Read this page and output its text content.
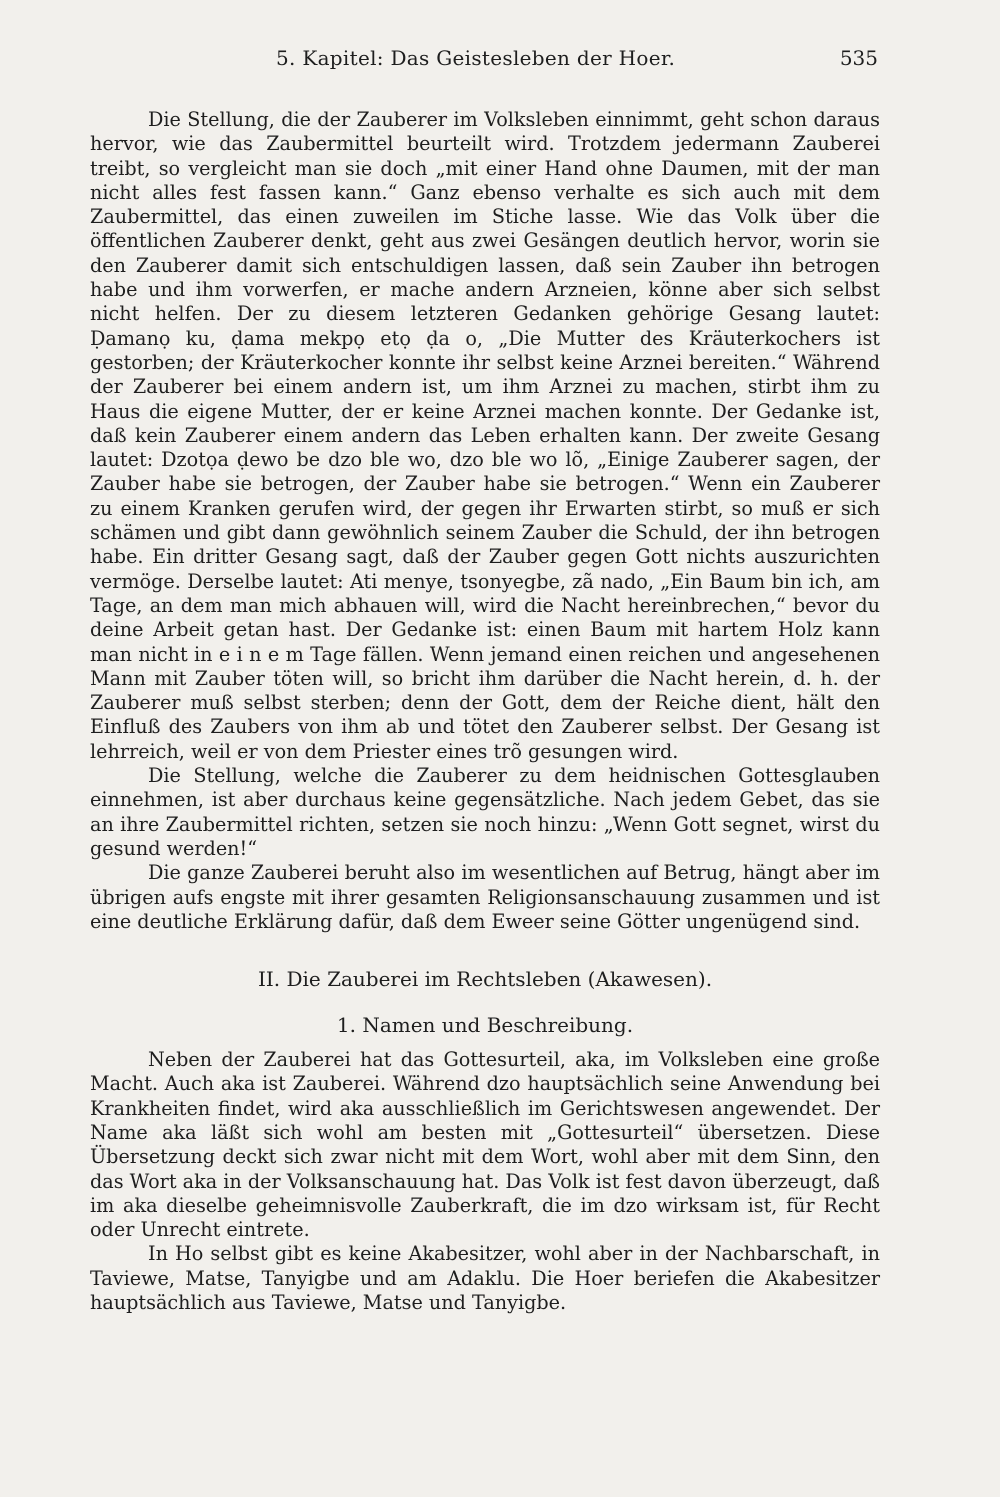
5. Kapitel: Das Geistesleben der Hoer.	535

Die Stellung, die der Zauberer im Volksleben einnimmt, geht schon daraus hervor, wie das Zaubermittel beurteilt wird. Trotzdem jedermann Zauberei treibt, so vergleicht man sie doch „mit einer Hand ohne Daumen, mit der man nicht alles fest fassen kann.“ Ganz ebenso verhalte es sich auch mit dem Zaubermittel, das einen zuweilen im Stiche lasse. Wie das Volk über die öffentlichen Zauberer denkt, geht aus zwei Gesängen deutlich hervor, worin sie den Zauberer damit sich entschuldigen lassen, daß sein Zauber ihn betrogen habe und ihm vorwerfen, er mache andern Arzneien, könne aber sich selbst nicht helfen. Der zu diesem letzteren Gedanken gehörige Gesang lautet: Ḍamanọ ku, ḍama mekpọ etọ ḍa o, „Die Mutter des Kräuterkochers ist gestorben; der Kräuterkocher konnte ihr selbst keine Arznei bereiten.“ Während der Zauberer bei einem andern ist, um ihm Arznei zu machen, stirbt ihm zu Haus die eigene Mutter, der er keine Arznei machen konnte. Der Gedanke ist, daß kein Zauberer einem andern das Leben erhalten kann. Der zweite Gesang lautet: Dzotọa ḍewo be dzo ble wo, dzo ble wo lõ, „Einige Zauberer sagen, der Zauber habe sie betrogen, der Zauber habe sie betrogen.“ Wenn ein Zauberer zu einem Kranken gerufen wird, der gegen ihr Erwarten stirbt, so muß er sich schämen und gibt dann gewöhnlich seinem Zauber die Schuld, der ihn betrogen habe. Ein dritter Gesang sagt, daß der Zauber gegen Gott nichts auszurichten vermöge. Derselbe lautet: Ati menye, tsonyegbe, zã nado, „Ein Baum bin ich, am Tage, an dem man mich abhauen will, wird die Nacht hereinbrechen,“ bevor du deine Arbeit getan hast. Der Gedanke ist: einen Baum mit hartem Holz kann man nicht in e i n e m Tage fällen. Wenn jemand einen reichen und angesehenen Mann mit Zauber töten will, so bricht ihm darüber die Nacht herein, d. h. der Zauberer muß selbst sterben; denn der Gott, dem der Reiche dient, hält den Einfluß des Zaubers von ihm ab und tötet den Zauberer selbst. Der Gesang ist lehrreich, weil er von dem Priester eines trõ gesungen wird.

Die Stellung, welche die Zauberer zu dem heidnischen Gottesglauben einnehmen, ist aber durchaus keine gegensätzliche. Nach jedem Gebet, das sie an ihre Zaubermittel richten, setzen sie noch hinzu: „Wenn Gott segnet, wirst du gesund werden!“

Die ganze Zauberei beruht also im wesentlichen auf Betrug, hängt aber im übrigen aufs engste mit ihrer gesamten Religionsanschauung zusammen und ist eine deutliche Erklärung dafür, daß dem Eweer seine Götter ungenügend sind.

II. Die Zauberei im Rechtsleben (Akawesen).
1. Namen und Beschreibung.

Neben der Zauberei hat das Gottesurteil, aka, im Volksleben eine große Macht. Auch aka ist Zauberei. Während dzo hauptsächlich seine Anwendung bei Krankheiten findet, wird aka ausschließlich im Gerichtswesen angewendet. Der Name aka läßt sich wohl am besten mit „Gottesurteil“ übersetzen. Diese Übersetzung deckt sich zwar nicht mit dem Wort, wohl aber mit dem Sinn, den das Wort aka in der Volksanschauung hat. Das Volk ist fest davon überzeugt, daß im aka dieselbe geheimnisvolle Zauberkraft, die im dzo wirksam ist, für Recht oder Unrecht eintrete.

In Ho selbst gibt es keine Akabesitzer, wohl aber in der Nachbarschaft, in Taviewe, Matse, Tanyigbe und am Adaklu. Die Hoer beriefen die Akabesitzer hauptsächlich aus Taviewe, Matse und Tanyigbe.
